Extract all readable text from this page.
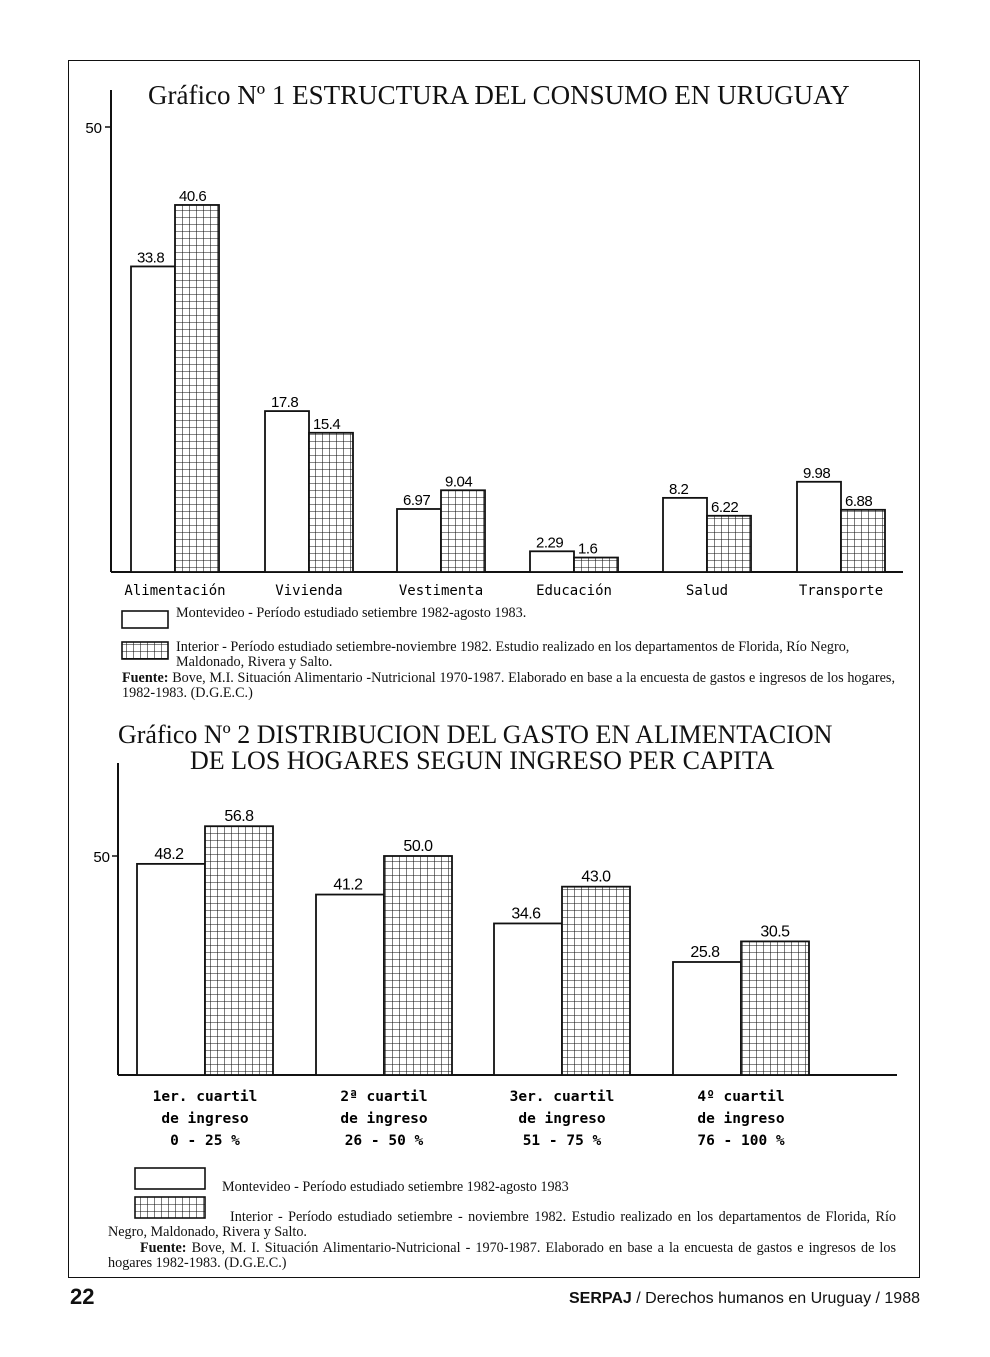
Gráfico Nº 1 ESTRUCTURA DEL CONSUMO EN URUGUAY
Gráfico Nº 2 DISTRIBUCION DEL GASTO EN ALIMENTACION
DE LOS HOGARES SEGUN INGRESO PER CAPITA
50
33.8
40.6
Alimentación
17.8
15.4
Vivienda
6.97
9.04
Vestimenta
2.29 1.6
Educación
8.2
6.22
Salud
9.98
6.88
Transporte
50	48.2
56.8
1er. cuartil
de ingreso
0 - 25 %
41.2
50.0
2ª cuartil
de ingreso
26 - 50 %
34.6
43.0
3er. cuartil
de ingreso
51 - 75 %
25.8
30.5
4º cuartil
de ingreso
76 - 100 %
Montevideo - Período estudiado setiembre 1982-agosto 1983.
Interior - Período estudiado setiembre-noviembre 1982. Estudio realizado en los departamentos de Florida, Río Negro, Maldonado, Rivera y Salto.
Fuente: Bove, M.I. Situación Alimentario -Nutricional 1970-1987. Elaborado en base a la encuesta de gastos e ingresos de los hogares, 1982-1983. (D.G.E.C.)
Montevideo - Período estudiado setiembre 1982-agosto 1983
Interior - Período estudiado setiembre - noviembre 1982. Estudio realizado en los departamentos de Florida, Río Negro, Maldonado, Rivera y Salto.
Fuente: Bove, M. I. Situación Alimentario-Nutricional - 1970-1987. Elaborado en base a la encuesta de gastos e ingresos de los hogares 1982-1983. (D.G.E.C.)
22	SERPAJ / Derechos humanos en Uruguay / 1988
